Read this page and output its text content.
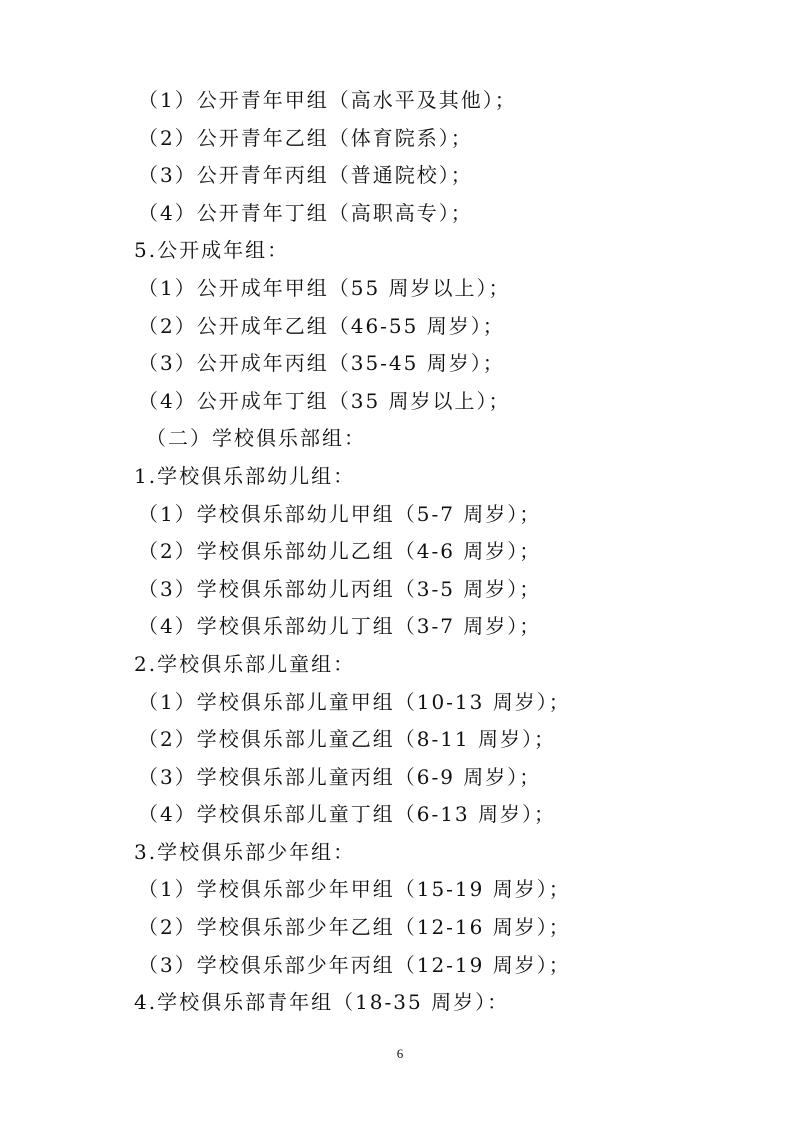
（1）公开青年甲组（高水平及其他）；
（2）公开青年乙组（体育院系）；
（3）公开青年丙组（普通院校）；
（4）公开青年丁组（高职高专）；
5.公开成年组：
（1）公开成年甲组（55 周岁以上）；
（2）公开成年乙组（46-55 周岁）；
（3）公开成年丙组（35-45 周岁）；
（4）公开成年丁组（35 周岁以上）；
（二）学校俱乐部组：
1.学校俱乐部幼儿组：
（1）学校俱乐部幼儿甲组（5-7 周岁）；
（2）学校俱乐部幼儿乙组（4-6 周岁）；
（3）学校俱乐部幼儿丙组（3-5 周岁）；
（4）学校俱乐部幼儿丁组（3-7 周岁）；
2.学校俱乐部儿童组：
（1）学校俱乐部儿童甲组（10-13 周岁）；
（2）学校俱乐部儿童乙组（8-11 周岁）；
（3）学校俱乐部儿童丙组（6-9 周岁）；
（4）学校俱乐部儿童丁组（6-13 周岁）；
3.学校俱乐部少年组：
（1）学校俱乐部少年甲组（15-19 周岁）；
（2）学校俱乐部少年乙组（12-16 周岁）；
（3）学校俱乐部少年丙组（12-19 周岁）；
4.学校俱乐部青年组（18-35 周岁）：
6
